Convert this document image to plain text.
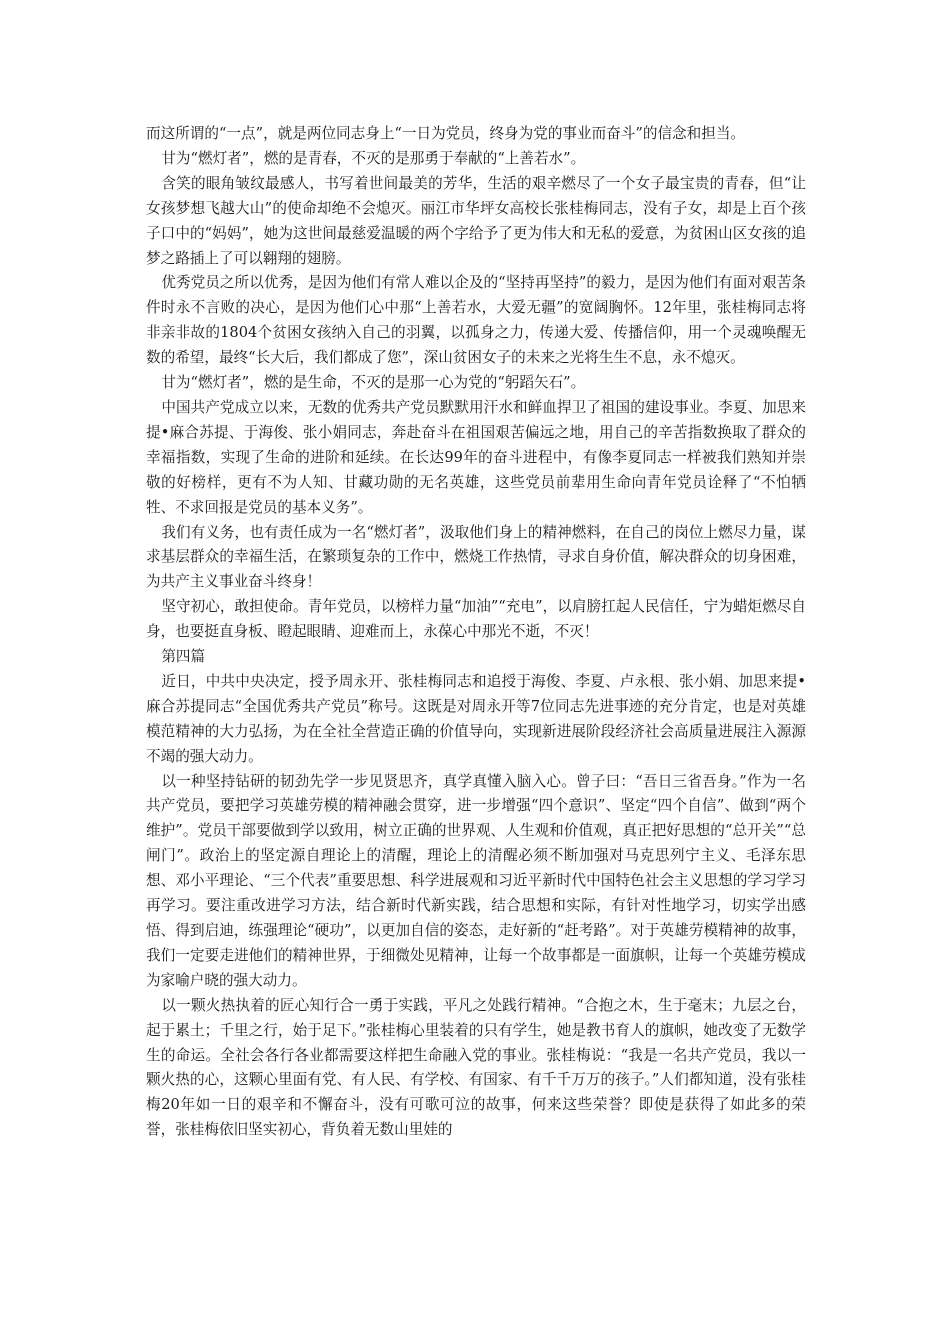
而这所谓的“一点”，就是两位同志身上“一日为党员，终身为党的事业而奋斗”的信念和担当。

甘为“燃灯者”，燃的是青春，不灭的是那勇于奉献的“上善若水”。

含笑的眼角皱纹最感人，书写着世间最美的芳华，生活的艰辛燃尽了一个女子最宝贵的青春，但“让女孩梦想飞越大山”的使命却绝不会熄灭。丽江市华坪女高校长张桂梅同志，没有子女，却是上百个孩子口中的“妈妈”，她为这世间最慈爱温暖的两个字给予了更为伟大和无私的爱意，为贫困山区女孩的追梦之路插上了可以翱翔的翅膀。

优秀党员之所以优秀，是因为他们有常人难以企及的“坚持再坚持”的毅力，是因为他们有面对艰苦条件时永不言败的决心，是因为他们心中那“上善若水，大爱无疆”的宽阔胸怀。12年里，张桂梅同志将非亲非故的1804个贫困女孩纳入自己的羽翼，以孤身之力，传递大爱、传播信仰，用一个灵魂唤醒无数的希望，最终“长大后，我们都成了您”，深山贫困女子的未来之光将生生不息，永不熄灭。

甘为“燃灯者”，燃的是生命，不灭的是那一心为党的“躬蹈矢石”。

中国共产党成立以来，无数的优秀共产党员默默用汗水和鲜血捍卫了祖国的建设事业。李夏、加思来提•麻合苏提、于海俊、张小娟同志，奔赴奋斗在祖国艰苦偏远之地，用自己的辛苦指数换取了群众的幸福指数，实现了生命的进阶和延续。在长达99年的奋斗进程中，有像李夏同志一样被我们熟知并崇敬的好榜样，更有不为人知、甘藏功勋的无名英雄，这些党员前辈用生命向青年党员诠释了“不怕牺牲、不求回报是党员的基本义务”。

我们有义务，也有责任成为一名“燃灯者”，汲取他们身上的精神燃料，在自己的岗位上燃尽力量，谋求基层群众的幸福生活，在繁琐复杂的工作中，燃烧工作热情，寻求自身价值，解决群众的切身困难，为共产主义事业奋斗终身！

坚守初心，敢担使命。青年党员，以榜样力量“加油”“充电”，以肩膀扛起人民信任，宁为蜡炬燃尽自身，也要挺直身板、瞪起眼睛、迎难而上，永葆心中那光不逝，不灭！

第四篇

近日，中共中央决定，授予周永开、张桂梅同志和追授于海俊、李夏、卢永根、张小娟、加思来提•麻合苏提同志“全国优秀共产党员”称号。这既是对周永开等7位同志先进事迹的充分肯定，也是对英雄模范精神的大力弘扬，为在全社全营造正确的价值导向，实现新进展阶段经济社会高质量进展注入源源不竭的强大动力。

以一种坚持钻研的韧劲先学一步见贤思齐，真学真懂入脑入心。曾子曰：“吾日三省吾身。”作为一名共产党员，要把学习英雄劳模的精神融会贯穿，进一步增强“四个意识”、坚定“四个自信”、做到“两个维护”。党员干部要做到学以致用，树立正确的世界观、人生观和价值观，真正把好思想的“总开关”“总闸门”。政治上的坚定源自理论上的清醒，理论上的清醒必须不断加强对马克思列宁主义、毛泽东思想、邓小平理论、“三个代表”重要思想、科学进展观和习近平新时代中国特色社会主义思想的学习学习再学习。要注重改进学习方法，结合新时代新实践，结合思想和实际，有针对性地学习，切实学出感悟、得到启迪，练强理论“硬功”，以更加自信的姿态，走好新的“赶考路”。对于英雄劳模精神的故事，我们一定要走进他们的精神世界，于细微处见精神，让每一个故事都是一面旗帜，让每一个英雄劳模成为家喻户晓的强大动力。

以一颗火热执着的匠心知行合一勇于实践，平凡之处践行精神。“合抱之木，生于毫末；九层之台，起于累土；千里之行，始于足下。”张桂梅心里装着的只有学生，她是教书育人的旗帜，她改变了无数学生的命运。全社会各行各业都需要这样把生命融入党的事业。张桂梅说：“我是一名共产党员，我以一颗火热的心，这颗心里面有党、有人民、有学校、有国家、有千千万万的孩子。”人们都知道，没有张桂梅20年如一日的艰辛和不懈奋斗，没有可歌可泣的故事，何来这些荣誉？即使是获得了如此多的荣誉，张桂梅依旧坚实初心，背负着无数山里娃的
